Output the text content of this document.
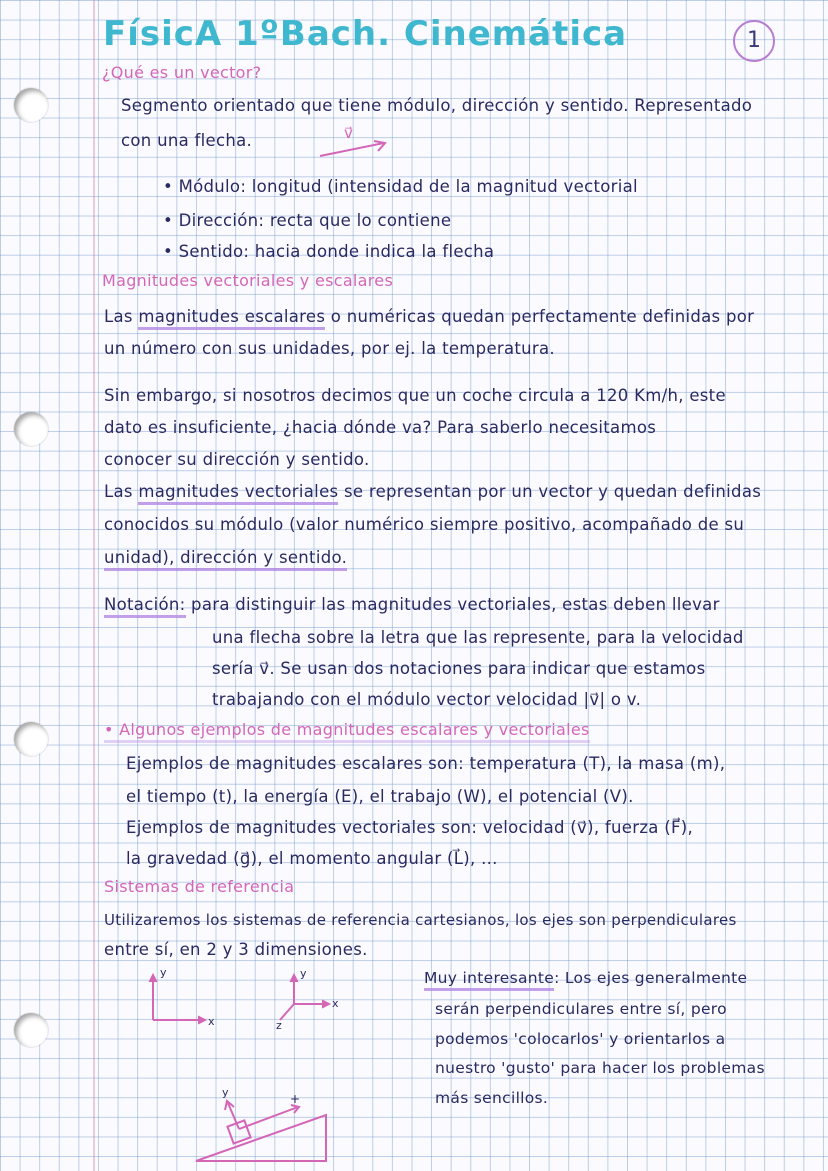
FísicA 1ºBach. Cinemática	1
¿Qué es un vector?
Segmento orientado que tiene módulo, dirección y sentido. Representado
con una flecha.	v⃗
• Módulo: longitud (intensidad de la magnitud vectorial
• Dirección: recta que lo contiene
• Sentido: hacia donde indica la flecha
Magnitudes vectoriales y escalares
Las magnitudes escalares o numéricas quedan perfectamente definidas por
un número con sus unidades, por ej. la temperatura.
Sin embargo, si nosotros decimos que un coche circula a 120 Km/h, este
dato es insuficiente, ¿hacia dónde va? Para saberlo necesitamos
conocer su dirección y sentido.
Las magnitudes vectoriales se representan por un vector y quedan definidas
conocidos su módulo (valor numérico siempre positivo, acompañado de su
unidad), dirección y sentido.
Notación: para distinguir las magnitudes vectoriales, estas deben llevar
una flecha sobre la letra que las represente, para la velocidad
sería v⃗. Se usan dos notaciones para indicar que estamos
trabajando con el módulo vector velocidad |v⃗| o v.
• Algunos ejemplos de magnitudes escalares y vectoriales
Ejemplos de magnitudes escalares son: temperatura (T), la masa (m),
el tiempo (t), la energía (E), el trabajo (W), el potencial (V).
Ejemplos de magnitudes vectoriales son: velocidad (v⃗), fuerza (F⃗),
la gravedad (g⃗), el momento angular (L⃗), ...
Sistemas de referencia
Utilizaremos los sistemas de referencia cartesianos, los ejes son perpendiculares
entre sí, en 2 y 3 dimensiones.
Muy interesante: Los ejes generalmente
serán perpendiculares entre sí, pero
podemos 'colocarlos' y orientarlos a
nuestro 'gusto' para hacer los problemas
más sencillos.
y
x
y
x
z
y	+
